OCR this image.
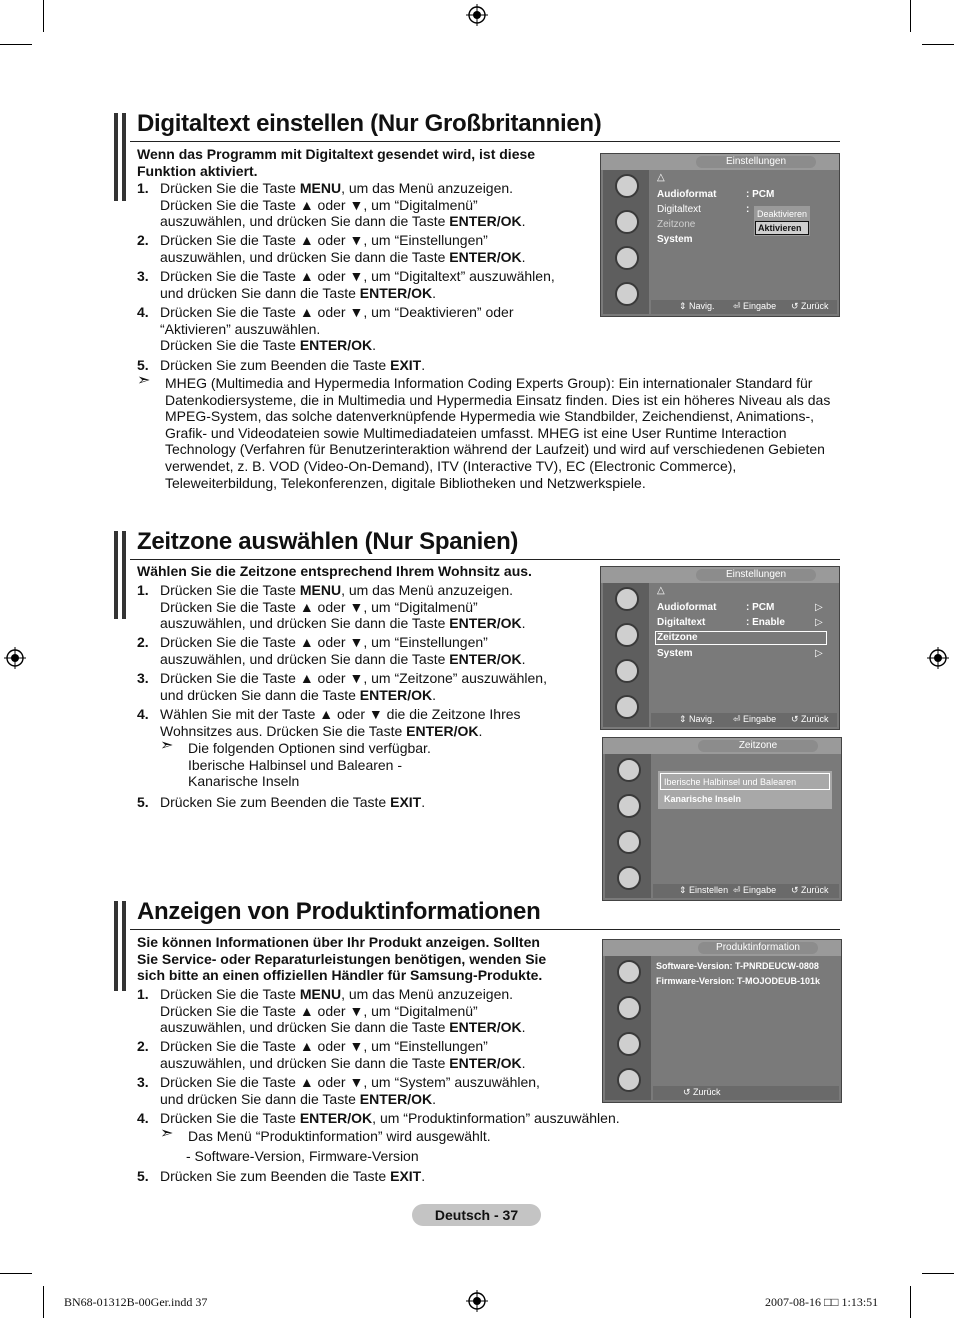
Digitaltext einstellen (Nur Großbritannien)
Wenn das Programm mit Digitaltext gesendet wird, ist diese Funktion aktiviert.
1. Drücken Sie die Taste MENU, um das Menü anzuzeigen.
Drücken Sie die Taste ▲ oder ▼, um “Digitalmenü”
auszuwählen, und drücken Sie dann die Taste ENTER/OK.
2. Drücken Sie die Taste ▲ oder ▼, um “Einstellungen”
auszuwählen, und drücken Sie dann die Taste ENTER/OK.
3. Drücken Sie die Taste ▲ oder ▼, um “Digitaltext” auszuwählen,
und drücken Sie dann die Taste ENTER/OK.
4. Drücken Sie die Taste ▲ oder ▼, um “Deaktivieren” oder
“Aktivieren” auszuwählen.
Drücken Sie die Taste ENTER/OK.
5. Drücken Sie zum Beenden die Taste EXIT.
➣ MHEG (Multimedia and Hypermedia Information Coding Experts Group): Ein internationaler Standard für Datenkodiersysteme, die in Multimedia und Hypermedia Einsatz finden. Dies ist ein höheres Niveau als das MPEG-System, das solche datenverknüpfende Hypermedia wie Standbilder, Zeichendienst, Animations-, Grafik- und Videodateien sowie Multimediadateien umfasst. MHEG ist eine User Runtime Interaction Technology (Verfahren für Benutzerinteraktion während der Laufzeit) und wird auf verschiedenen Gebieten verwendet, z. B. VOD (Video-On-Demand), ITV (Interactive TV), EC (Electronic Commerce), Teleweiterbildung, Telekonferenzen, digitale Bibliotheken und Netzwerkspiele.
Einstellungen
△
Audioformat	: PCM
Digitaltext	:
Zeitzone
System
Deaktivieren
Aktivieren
⇕ Navig. ⏎ Eingabe ↺ Zurück
Zeitzone auswählen (Nur Spanien)
Wählen Sie die Zeitzone entsprechend Ihrem Wohnsitz aus.
1. Drücken Sie die Taste MENU, um das Menü anzuzeigen.
Drücken Sie die Taste ▲ oder ▼, um “Digitalmenü”
auszuwählen, und drücken Sie dann die Taste ENTER/OK.
2. Drücken Sie die Taste ▲ oder ▼, um “Einstellungen”
auszuwählen, und drücken Sie dann die Taste ENTER/OK.
3. Drücken Sie die Taste ▲ oder ▼, um “Zeitzone” auszuwählen,
und drücken Sie dann die Taste ENTER/OK.
4. Wählen Sie mit der Taste ▲ oder ▼ die die Zeitzone Ihres
Wohnsitzes aus. Drücken Sie die Taste ENTER/OK.
5. Drücken Sie zum Beenden die Taste EXIT.
➣ Die folgenden Optionen sind verfügbar.
Iberische Halbinsel und Balearen -
Kanarische Inseln
Einstellungen
△
Audioformat	: PCM	▷
Digitaltext	: Enable	▷
Zeitzone
System	▷
⇕ Navig. ⏎ Eingabe ↺ Zurück
Zeitzone
Iberische Halbinsel und Balearen
Kanarische Inseln
⇕ Einstellen ⏎ Eingabe ↺ Zurück
Anzeigen von Produktinformationen
Sie können Informationen über Ihr Produkt anzeigen. Sollten
Sie Service- oder Reparaturleistungen benötigen, wenden Sie
sich bitte an einen offiziellen Händler für Samsung-Produkte.
1. Drücken Sie die Taste MENU, um das Menü anzuzeigen.
Drücken Sie die Taste ▲ oder ▼, um “Digitalmenü”
auszuwählen, und drücken Sie dann die Taste ENTER/OK.
2. Drücken Sie die Taste ▲ oder ▼, um “Einstellungen”
auszuwählen, und drücken Sie dann die Taste ENTER/OK.
3. Drücken Sie die Taste ▲ oder ▼, um “System” auszuwählen,
und drücken Sie dann die Taste ENTER/OK.
4. Drücken Sie die Taste ENTER/OK, um “Produktinformation” auszuwählen.
5. Drücken Sie zum Beenden die Taste EXIT.
➣ Das Menü “Produktinformation” wird ausgewählt.
- Software-Version, Firmware-Version
Produktinformation
Software-Version: T-PNRDEUCW-0808
Firmware-Version: T-MOJODEUB-101k
↺ Zurück
Deutsch - 37
BN68-01312B-00Ger.indd 37	2007-08-16 □□ 1:13:51
